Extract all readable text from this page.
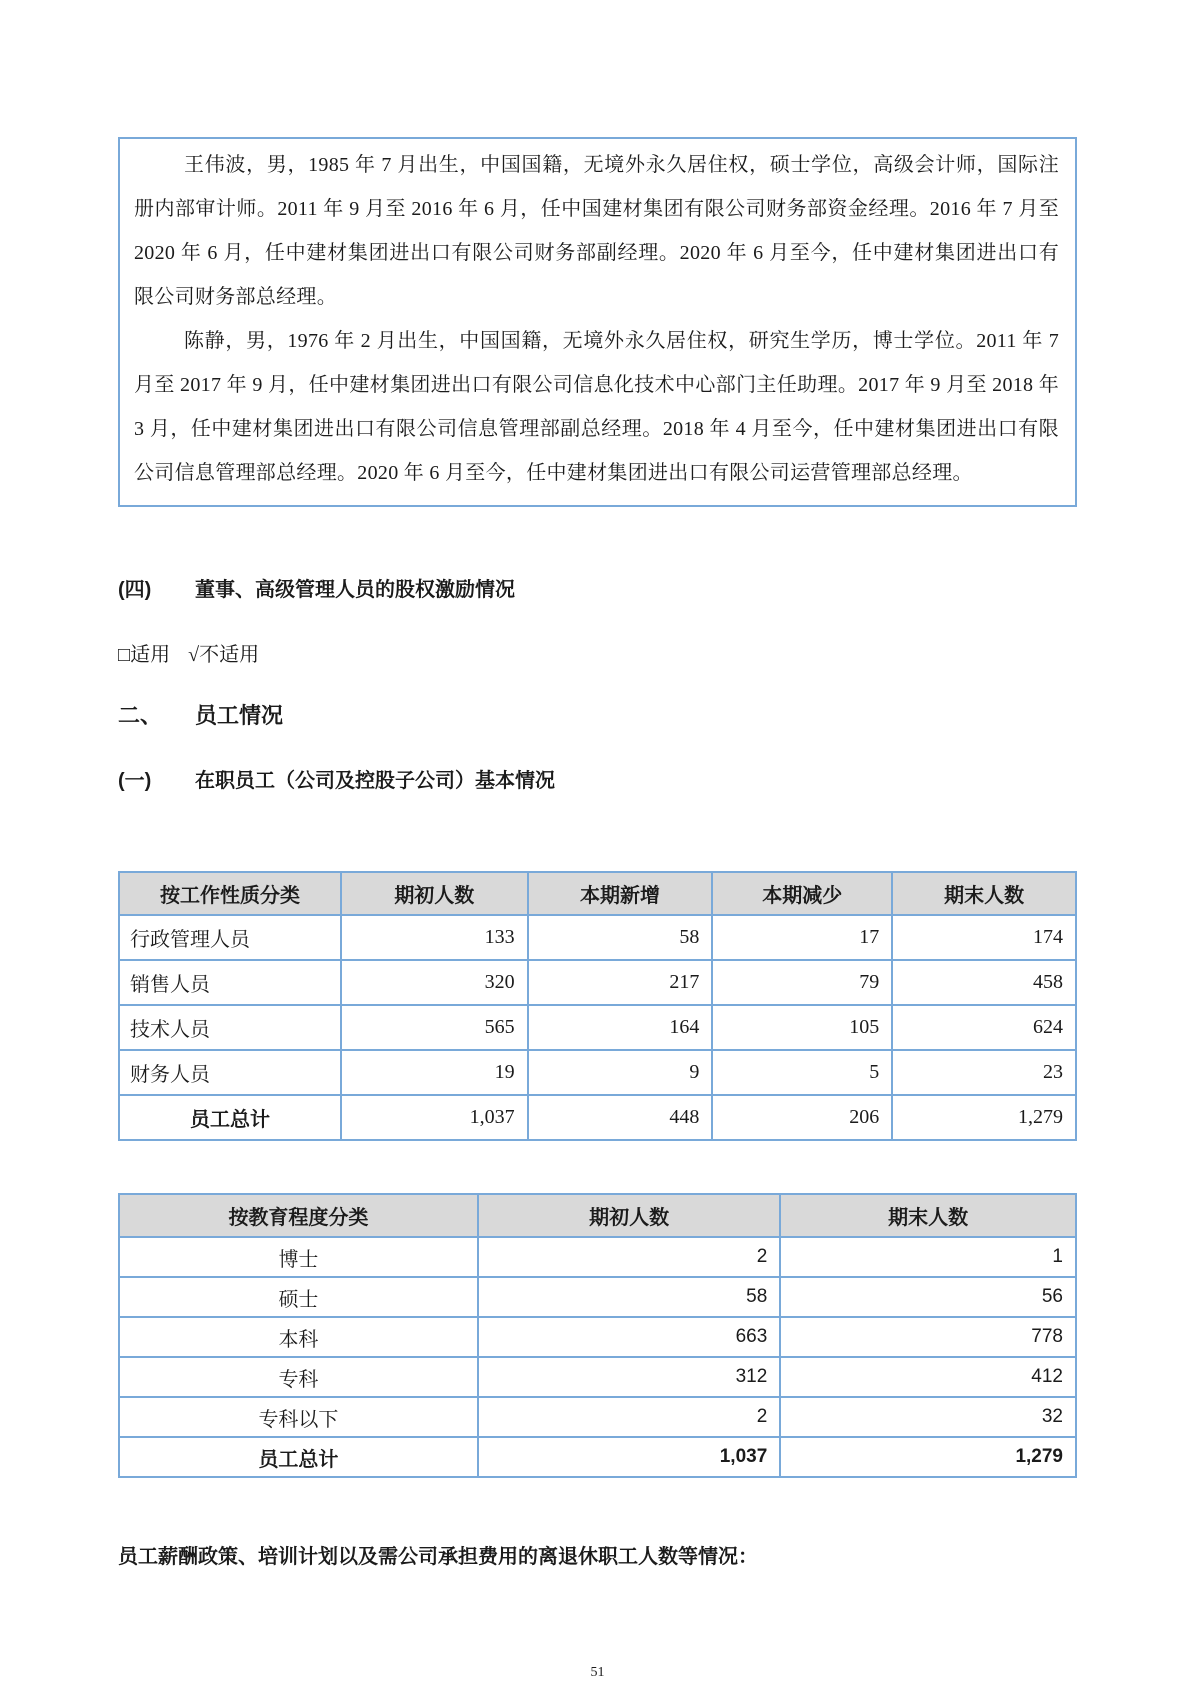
王伟波，男，1985 年 7 月出生，中国国籍，无境外永久居住权，硕士学位，高级会计师，国际注册内部审计师。2011 年 9 月至 2016 年 6 月，任中国建材集团有限公司财务部资金经理。2016 年 7 月至 2020 年 6 月，任中建材集团进出口有限公司财务部副经理。2020 年 6 月至今，任中建材集团进出口有限公司财务部总经理。

陈静，男，1976 年 2 月出生，中国国籍，无境外永久居住权，研究生学历，博士学位。2011 年 7 月至 2017 年 9 月，任中建材集团进出口有限公司信息化技术中心部门主任助理。2017 年 9 月至 2018 年 3 月，任中建材集团进出口有限公司信息管理部副总经理。2018 年 4 月至今，任中建材集团进出口有限公司信息管理部总经理。2020 年 6 月至今，任中建材集团进出口有限公司运营管理部总经理。

(四) 董事、高级管理人员的股权激励情况
□适用 √不适用
二、 员工情况
(一) 在职员工（公司及控股子公司）基本情况
按工作性质分类	期初人数	本期新增	本期减少	期末人数
行政管理人员	133	58	17	174
销售人员	320	217	79	458
技术人员	565	164	105	624
财务人员	19	9	5	23
员工总计	1,037	448	206	1,279
按教育程度分类	期初人数	期末人数
博士	2	1
硕士	58	56
本科	663	778
专科	312	412
专科以下	2	32
员工总计	1,037	1,279

员工薪酬政策、培训计划以及需公司承担费用的离退休职工人数等情况：

51
